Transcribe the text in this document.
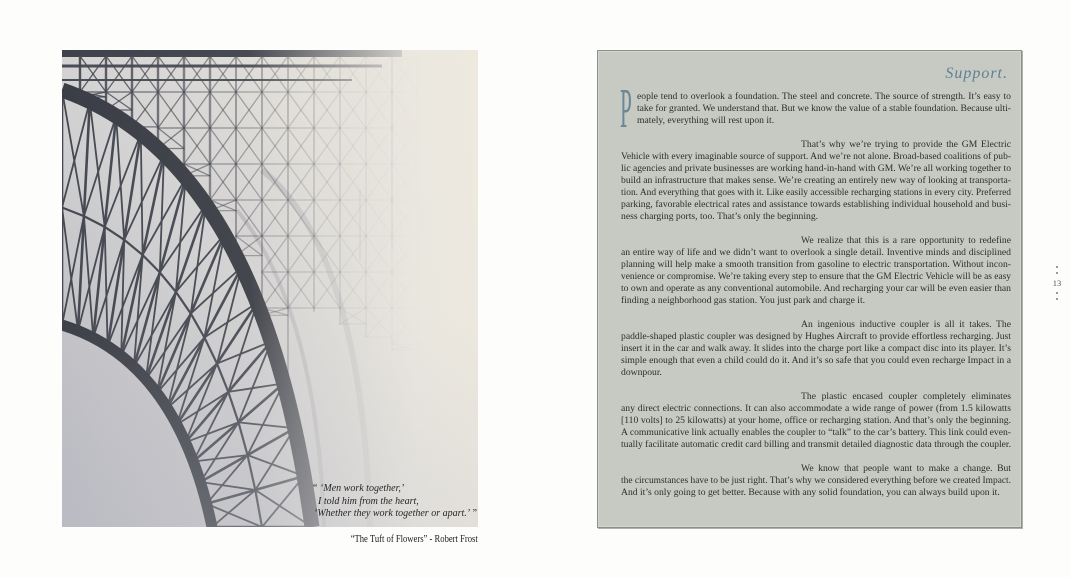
“ ‘Men work together,’
I told him from the heart,
‘Whether they work together or apart.’ ”
“The Tuft of Flowers” - Robert Frost
Support.
P eople tend to overlook a foundation. The steel and concrete. The source of strength. It’s easy to
take for granted. We understand that. But we know the value of a stable foundation. Because ulti-
mately, everything will rest upon it.
That’s why we’re trying to provide the GM Electric
Vehicle with every imaginable source of support. And we’re not alone. Broad-based coalitions of pub-
lic agencies and private businesses are working hand-in-hand with GM. We’re all working together to
build an infrastructure that makes sense. We’re creating an entirely new way of looking at transporta-
tion. And everything that goes with it. Like easily accessible recharging stations in every city. Preferred
parking, favorable electrical rates and assistance towards establishing individual household and busi-
ness charging ports, too. That’s only the beginning.
We realize that this is a rare opportunity to redefine
an entire way of life and we didn’t want to overlook a single detail. Inventive minds and disciplined
planning will help make a smooth transition from gasoline to electric transportation. Without incon-
venience or compromise. We’re taking every step to ensure that the GM Electric Vehicle will be as easy
to own and operate as any conventional automobile. And recharging your car will be even easier than
finding a neighborhood gas station. You just park and charge it.
An ingenious inductive coupler is all it takes. The
paddle-shaped plastic coupler was designed by Hughes Aircraft to provide effortless recharging. Just
insert it in the car and walk away. It slides into the charge port like a compact disc into its player. It’s
simple enough that even a child could do it. And it’s so safe that you could even recharge Impact in a
downpour.
The plastic encased coupler completely eliminates
any direct electric connections. It can also accommodate a wide range of power (from 1.5 kilowatts
[110 volts] to 25 kilowatts) at your home, office or recharging station. And that’s only the beginning.
A communicative link actually enables the coupler to “talk” to the car’s battery. This link could even-
tually facilitate automatic credit card billing and transmit detailed diagnostic data through the coupler.
We know that people want to make a change. But
the circumstances have to be just right. That’s why we considered everything before we created Impact.
And it’s only going to get better. Because with any solid foundation, you can always build upon it.
13
